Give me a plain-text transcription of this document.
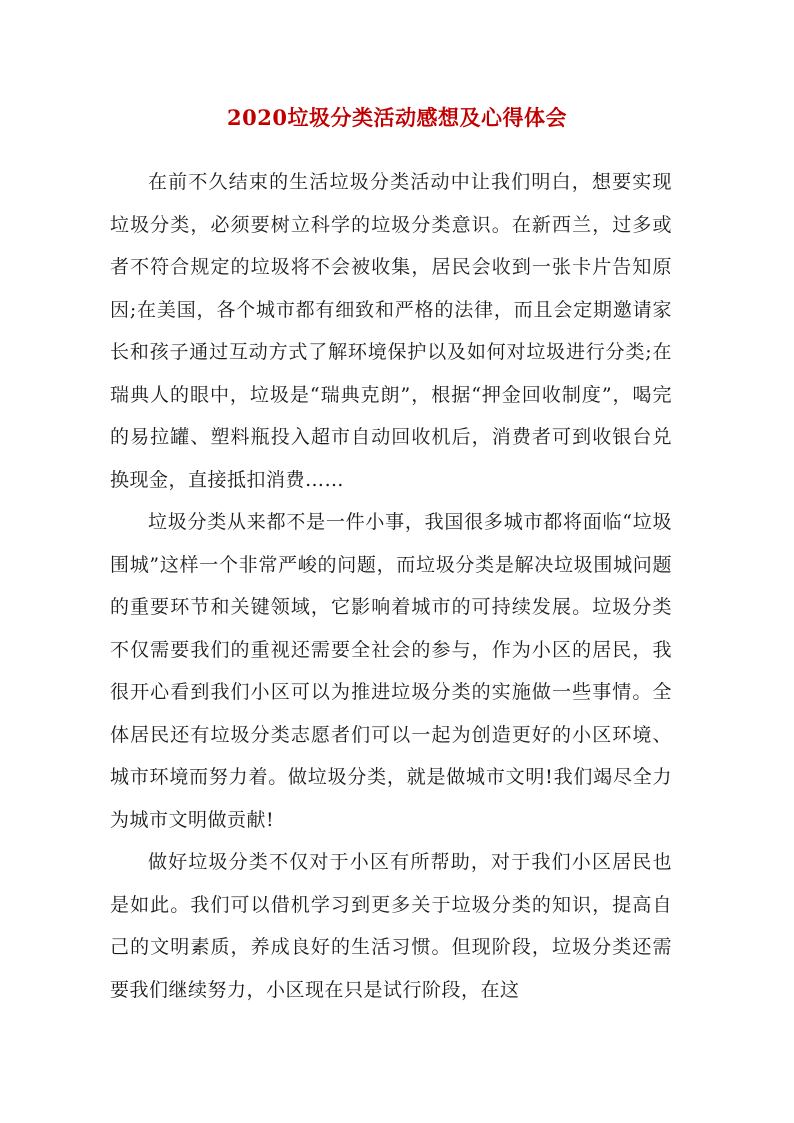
2020垃圾分类活动感想及心得体会

在前不久结束的生活垃圾分类活动中让我们明白，想要实现垃圾分类，必须要树立科学的垃圾分类意识。在新西兰，过多或者不符合规定的垃圾将不会被收集，居民会收到一张卡片告知原因;在美国，各个城市都有细致和严格的法律，而且会定期邀请家长和孩子通过互动方式了解环境保护以及如何对垃圾进行分类;在瑞典人的眼中，垃圾是“瑞典克朗”，根据“押金回收制度”，喝完的易拉罐、塑料瓶投入超市自动回收机后，消费者可到收银台兑换现金，直接抵扣消费……

垃圾分类从来都不是一件小事，我国很多城市都将面临“垃圾围城”这样一个非常严峻的问题，而垃圾分类是解决垃圾围城问题的重要环节和关键领域，它影响着城市的可持续发展。垃圾分类不仅需要我们的重视还需要全社会的参与，作为小区的居民，我很开心看到我们小区可以为推进垃圾分类的实施做一些事情。全体居民还有垃圾分类志愿者们可以一起为创造更好的小区环境、城市环境而努力着。做垃圾分类，就是做城市文明!我们竭尽全力为城市文明做贡献!

做好垃圾分类不仅对于小区有所帮助，对于我们小区居民也是如此。我们可以借机学习到更多关于垃圾分类的知识，提高自己的文明素质，养成良好的生活习惯。但现阶段，垃圾分类还需要我们继续努力，小区现在只是试行阶段，在这
